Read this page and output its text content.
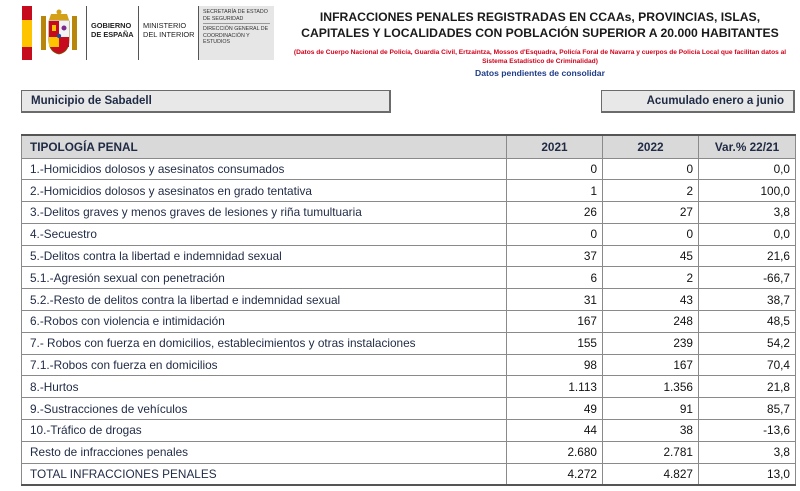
GOBIERNO DE ESPAÑA
MINISTERIO DEL INTERIOR
SECRETARÍA DE ESTADO DE SEGURIDAD
DIRECCIÓN GENERAL DE COORDINACIÓN Y ESTUDIOS
INFRACCIONES PENALES REGISTRADAS EN CCAAs, PROVINCIAS, ISLAS, CAPITALES Y LOCALIDADES CON POBLACIÓN SUPERIOR A 20.000 HABITANTES
(Datos de Cuerpo Nacional de Policía, Guardia Civil, Ertzaintza, Mossos d'Esquadra, Policía Foral de Navarra y cuerpos de Policía Local que facilitan datos al Sistema Estadístico de Criminalidad)
Datos pendientes de consolidar
Municipio de Sabadell	Acumulado enero a junio
TIPOLOGÍA PENAL	2021	2022	Var.% 22/21
1.-Homicidios dolosos y asesinatos consumados	0	0	0,0
2.-Homicidios dolosos y asesinatos en grado tentativa	1	2	100,0
3.-Delitos graves y menos graves de lesiones y riña tumultuaria	26	27	3,8
4.-Secuestro	0	0	0,0
5.-Delitos contra la libertad e indemnidad sexual	37	45	21,6
5.1.-Agresión sexual con penetración	6	2	-66,7
5.2.-Resto de delitos contra la libertad e indemnidad sexual	31	43	38,7
6.-Robos con violencia e intimidación	167	248	48,5
7.- Robos con fuerza en domicilios, establecimientos y otras instalaciones	155	239	54,2
7.1.-Robos con fuerza en domicilios	98	167	70,4
8.-Hurtos	1.113	1.356	21,8
9.-Sustracciones de vehículos	49	91	85,7
10.-Tráfico de drogas	44	38	-13,6
Resto de infracciones penales	2.680	2.781	3,8
TOTAL INFRACCIONES PENALES	4.272	4.827	13,0
